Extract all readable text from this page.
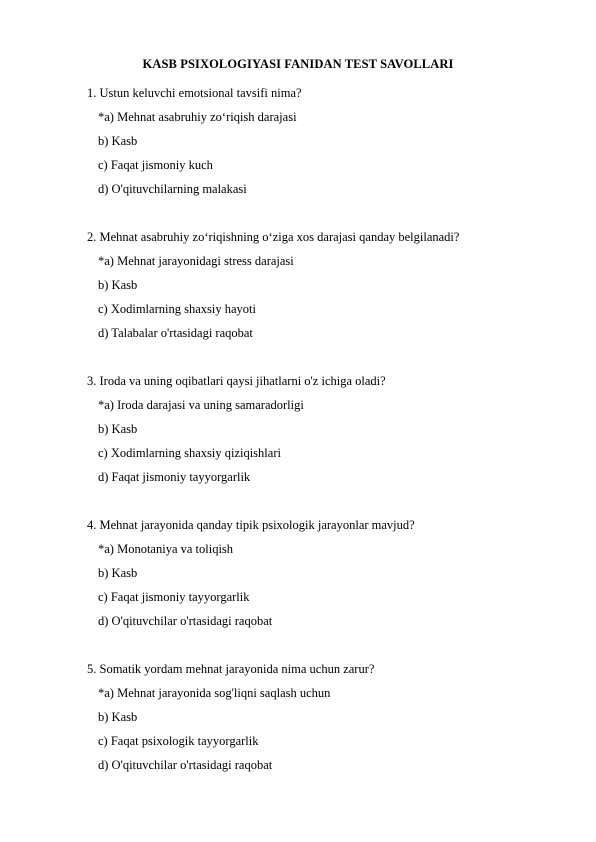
KASB PSIXOLOGIYASI FANIDAN TEST SAVOLLARI
1. Ustun keluvchi emotsional tavsifi nima?
*a) Mehnat asabruhiy zo‘riqish darajasi
b) Kasb
c) Faqat jismoniy kuch
d) O'qituvchilarning malakasi
2. Mehnat asabruhiy zo‘riqishning o‘ziga xos darajasi qanday belgilanadi?
*a) Mehnat jarayonidagi stress darajasi
b) Kasb
c) Xodimlarning shaxsiy hayoti
d) Talabalar o'rtasidagi raqobat
3. Iroda va uning oqibatlari qaysi jihatlarni o'z ichiga oladi?
*a) Iroda darajasi va uning samaradorligi
b) Kasb
c) Xodimlarning shaxsiy qiziqishlari
d) Faqat jismoniy tayyorgarlik
4. Mehnat jarayonida qanday tipik psixologik jarayonlar mavjud?
*a) Monotaniya va toliqish
b) Kasb
c) Faqat jismoniy tayyorgarlik
d) O'qituvchilar o'rtasidagi raqobat
5. Somatik yordam mehnat jarayonida nima uchun zarur?
*a) Mehnat jarayonida sog'liqni saqlash uchun
b) Kasb
c) Faqat psixologik tayyorgarlik
d) O'qituvchilar o'rtasidagi raqobat
